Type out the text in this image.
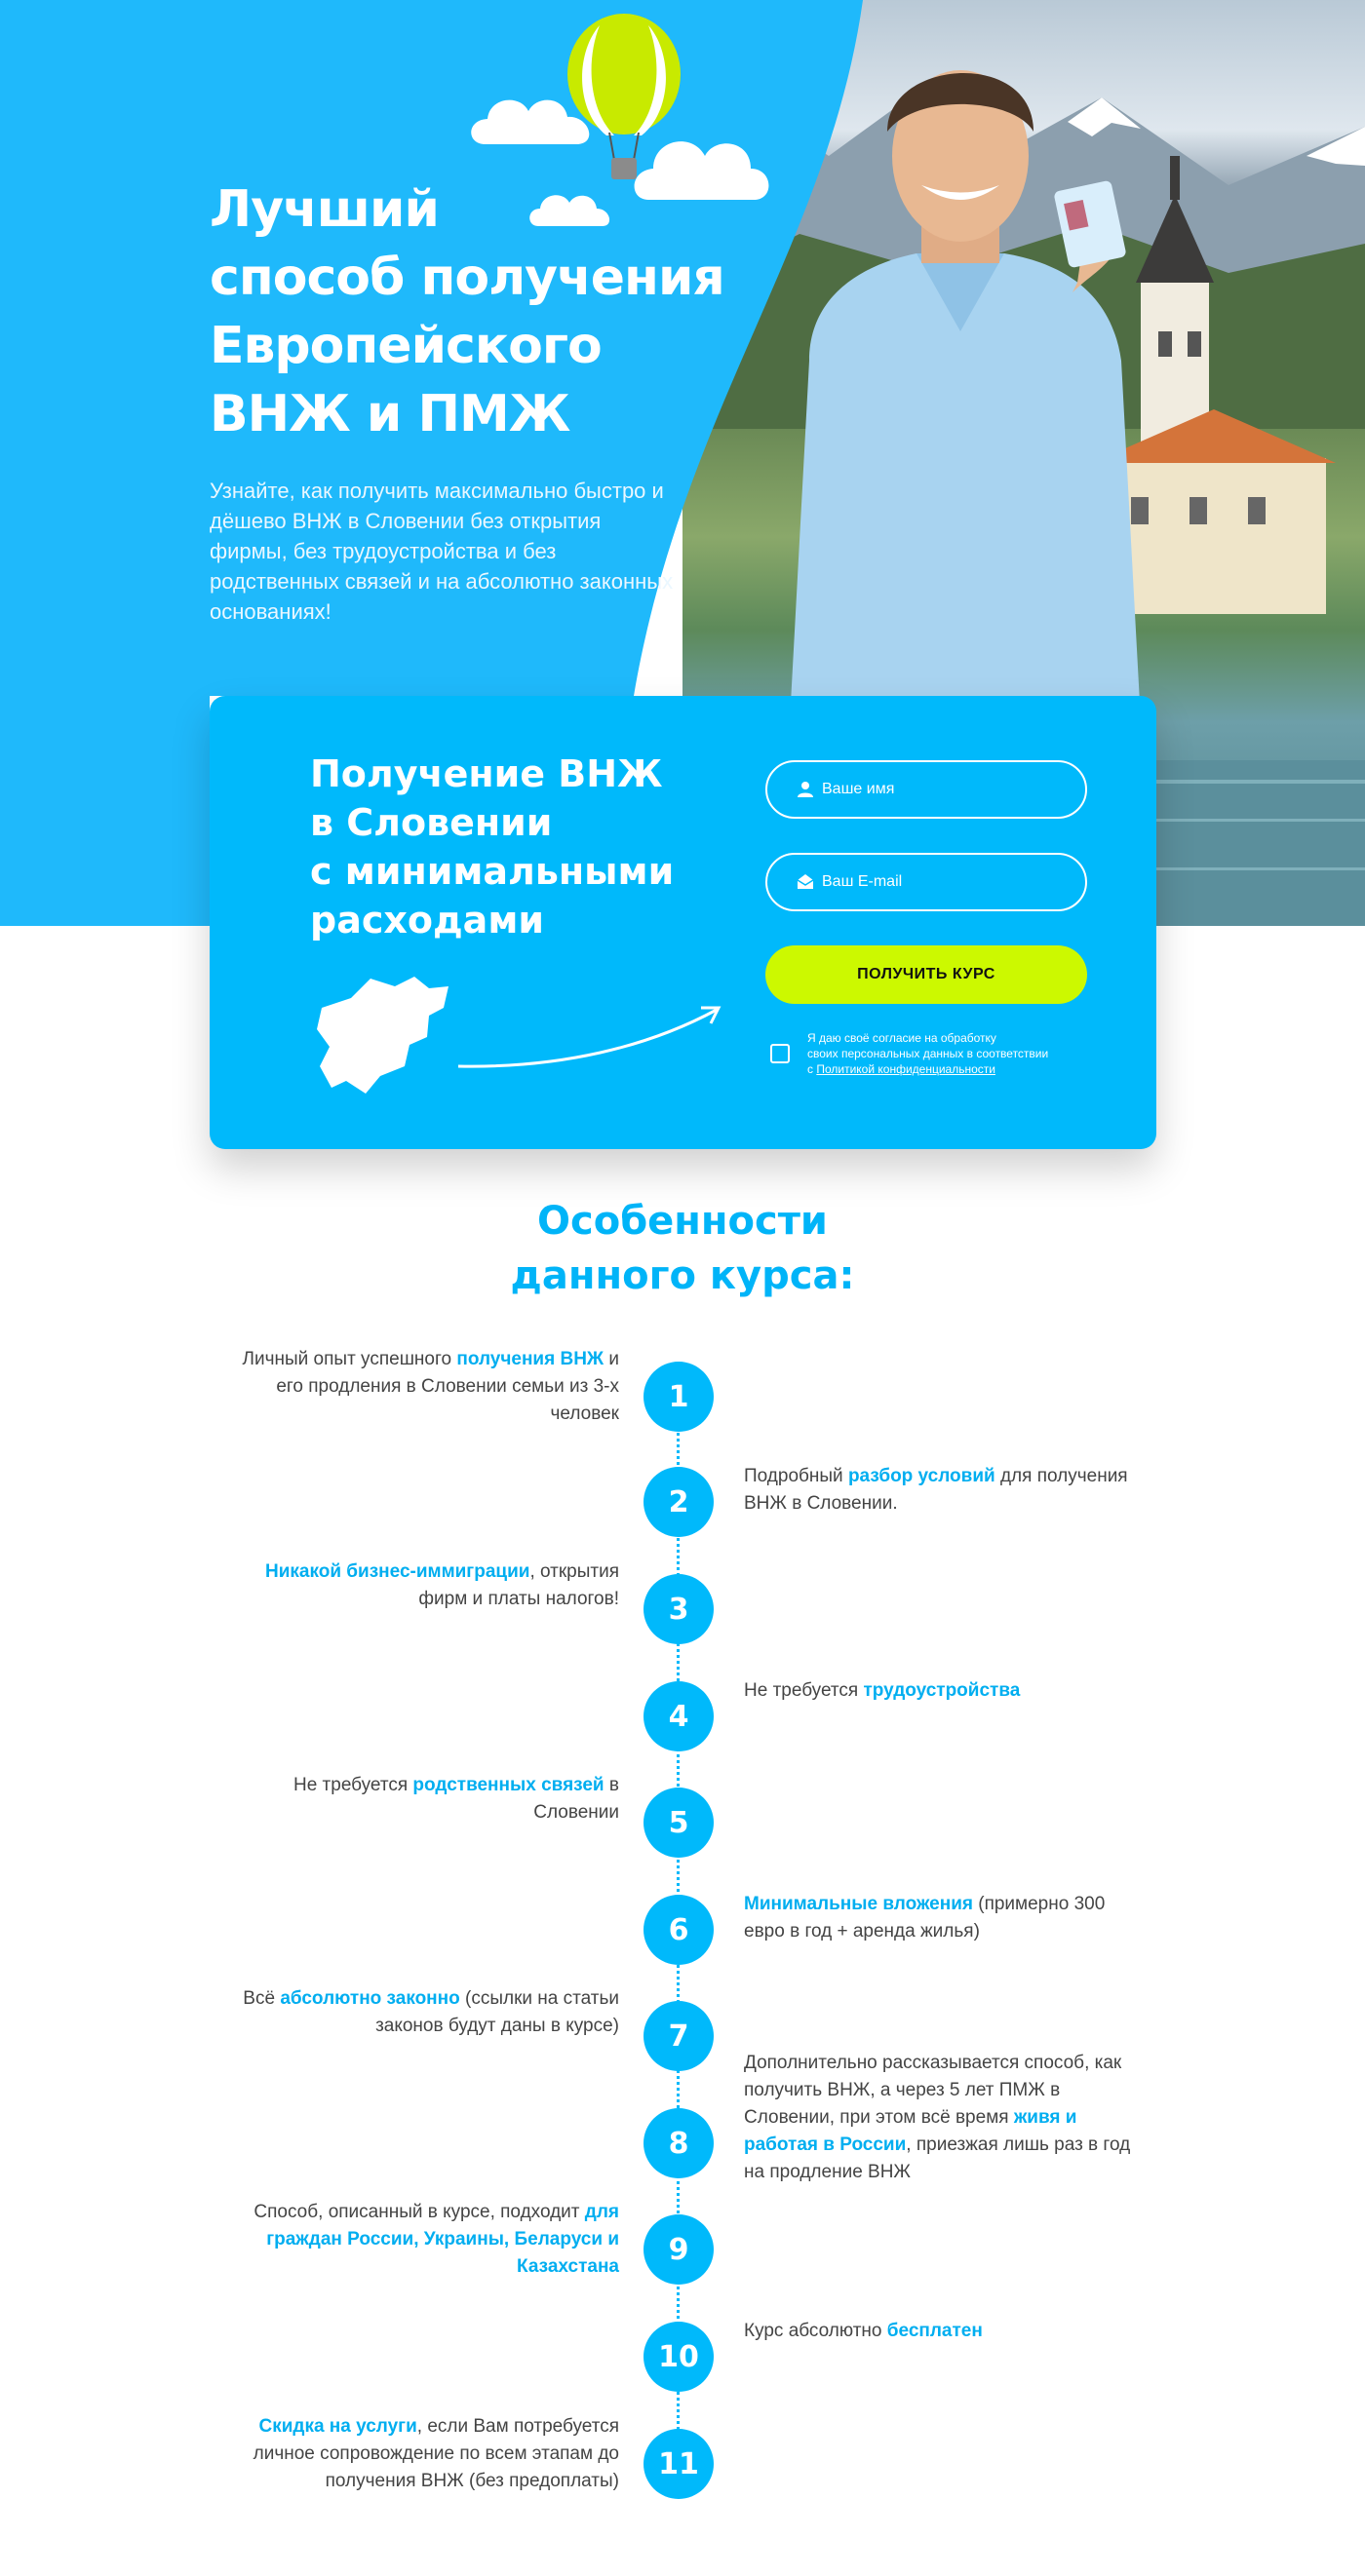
Лучший
способ получения
Европейского
ВНЖ и ПМЖ

Узнайте, как получить максимально быстро и дёшево ВНЖ в Словении без открытия фирмы, без трудоустройства и без родственных связей и на абсолютно законных основаниях!

Получение ВНЖ
в Словении
с минимальными
расходами
Ваше имя
Ваш E-mail
ПОЛУЧИТЬ КУРС
Я даю своё согласие на обработку
своих персональных данных в соответствии
с Политикой конфиденциальности
Особенности
данного курса:
1
Личный опыт успешного получения ВНЖ и его продления в Словении семьи из 3-х человек
2
Подробный разбор условий для получения ВНЖ в Словении.
3
Никакой бизнес-иммиграции, открытия фирм и платы налогов!
4
Не требуется трудоустройства
5
Не требуется родственных связей в Словении
6
Минимальные вложения (примерно 300 евро в год + аренда жилья)
7
Всё абсолютно законно (ссылки на статьи законов будут даны в курсе)
8
Дополнительно рассказывается способ, как получить ВНЖ, а через 5 лет ПМЖ в Словении, при этом всё время живя и работая в России, приезжая лишь раз в год на продление ВНЖ
9
Способ, описанный в курсе, подходит для граждан России, Украины, Беларуси и Казахстана
10
Курс абсолютно бесплатен
11
Скидка на услуги, если Вам потребуется личное сопровождение по всем этапам до получения ВНЖ (без предоплаты)
